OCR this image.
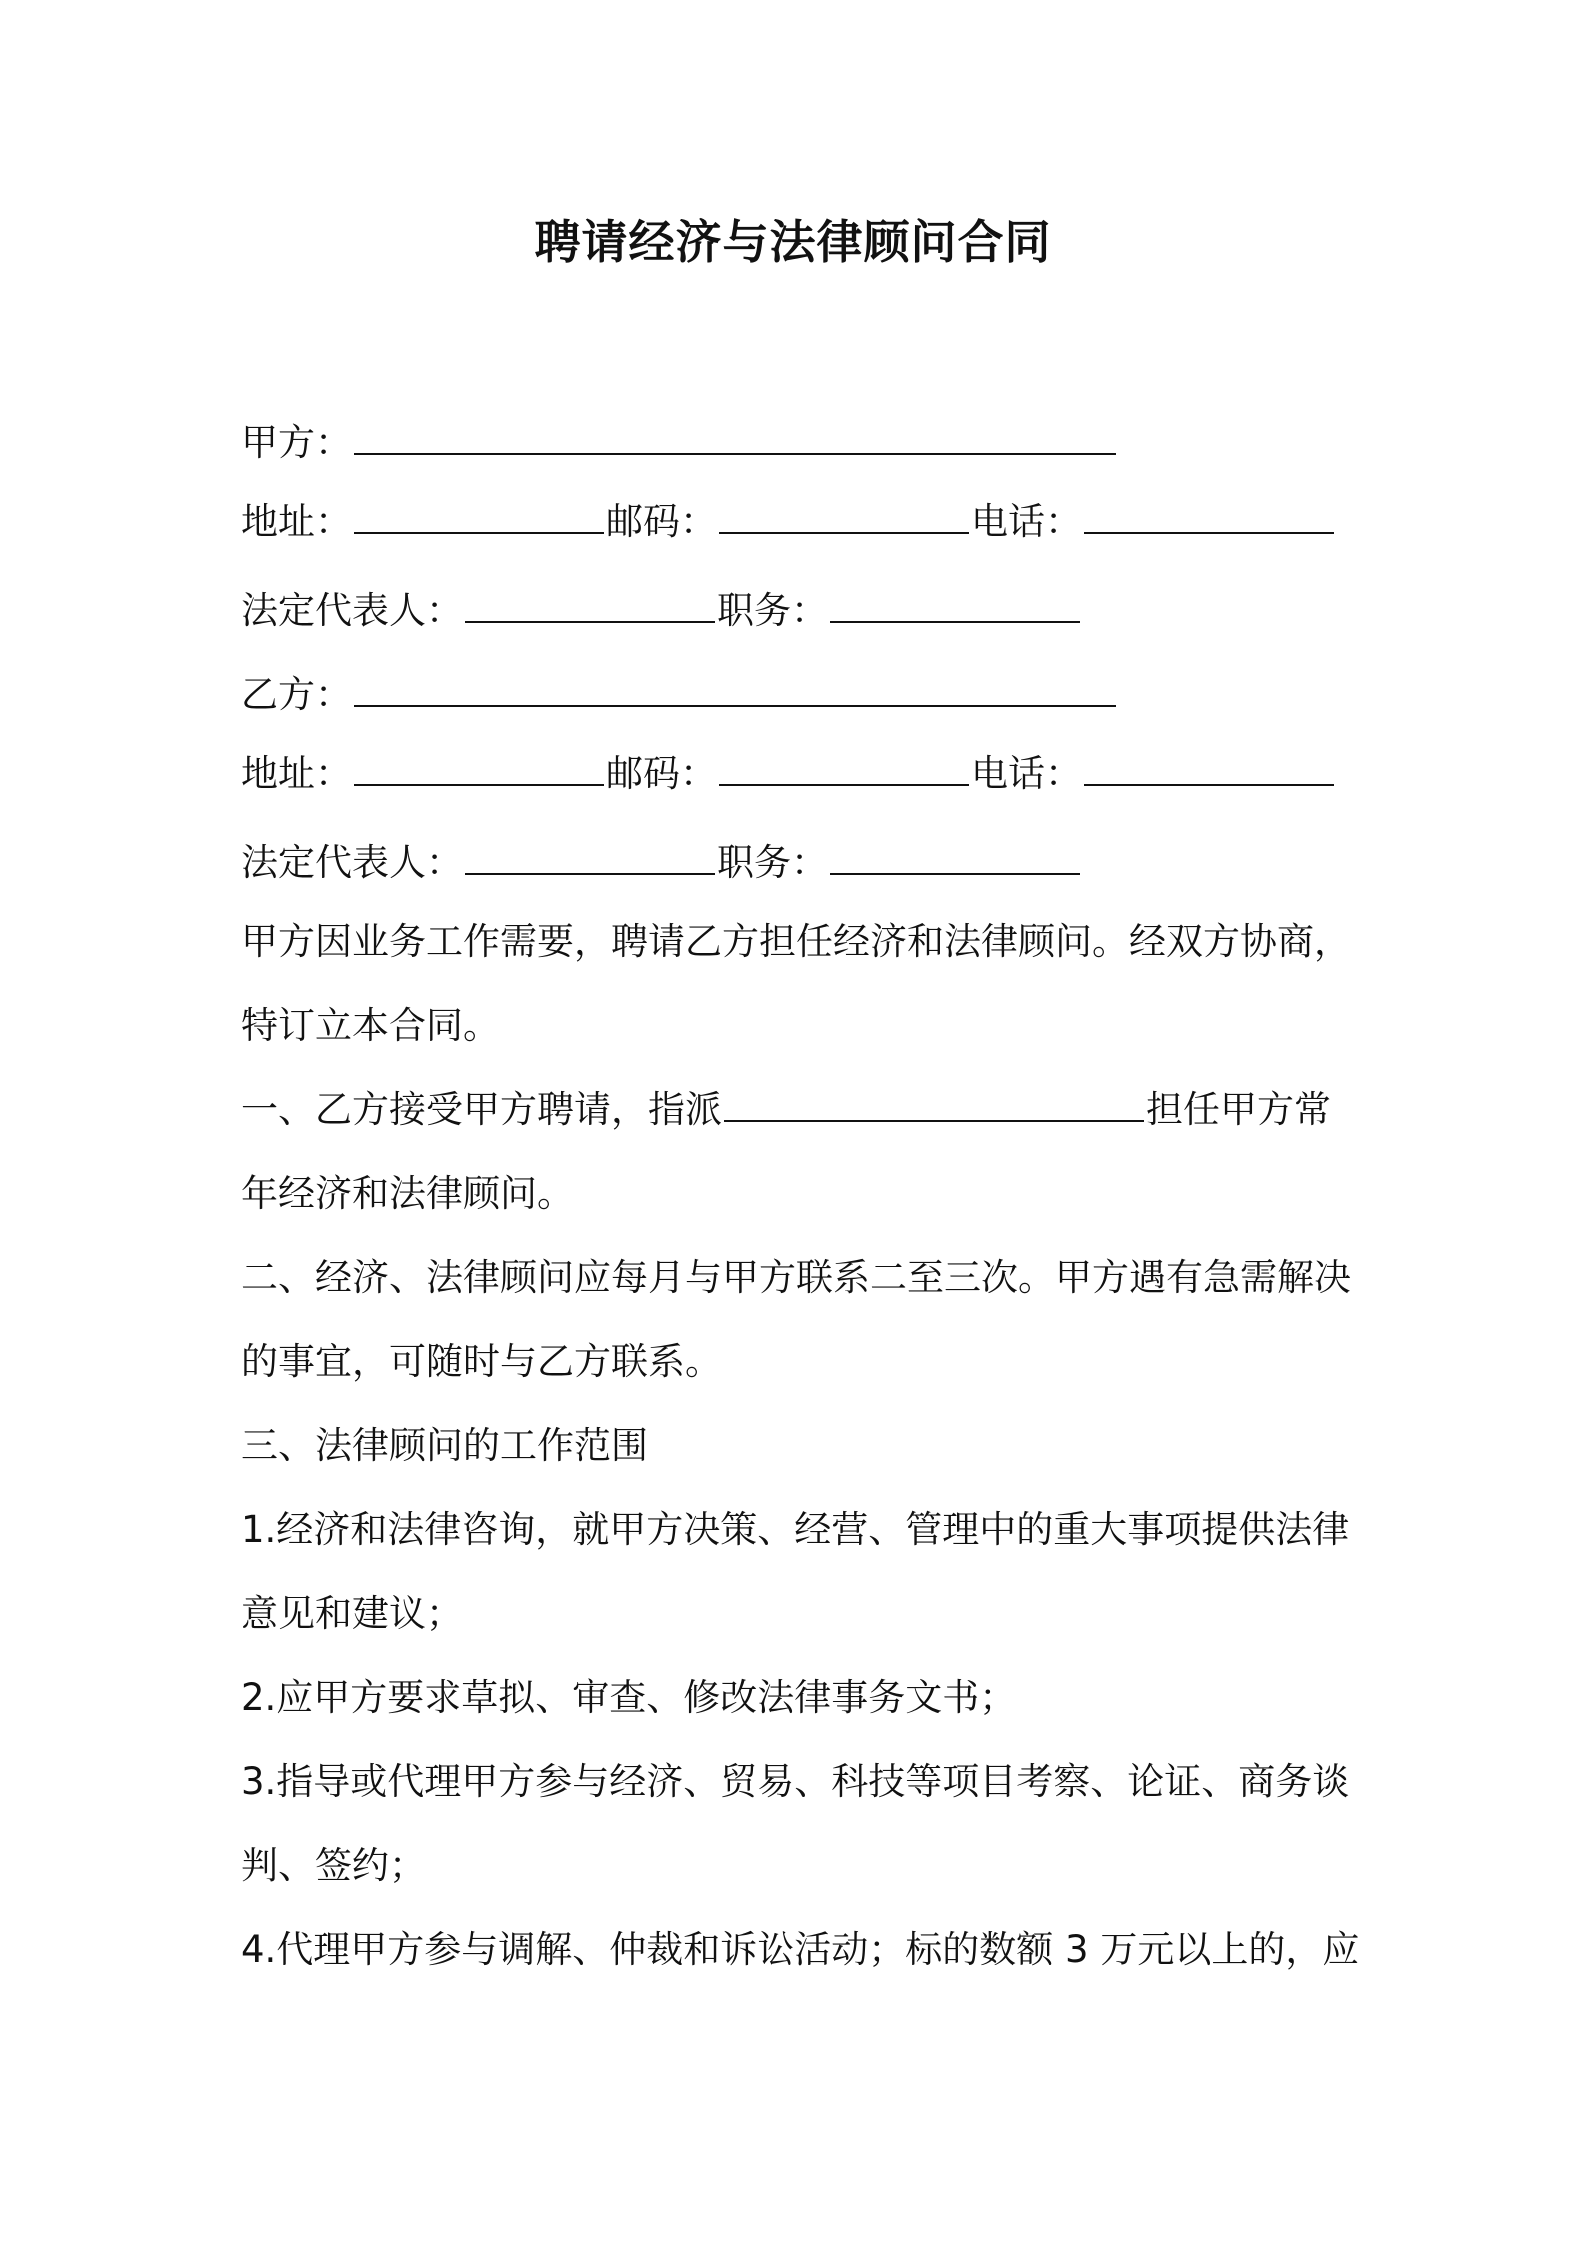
聘请经济与法律顾问合同
甲方：
地址：	邮码：	电话：
法定代表人：	职务：
乙方：
地址：	邮码：	电话：
法定代表人：	职务：
甲方因业务工作需要，聘请乙方担任经济和法律顾问。经双方协商，
特订立本合同。
一、乙方接受甲方聘请，指派	担任甲方常
年经济和法律顾问。
二、经济、法律顾问应每月与甲方联系二至三次。甲方遇有急需解决
的事宜，可随时与乙方联系。
三、法律顾问的工作范围
1.经济和法律咨询，就甲方决策、经营、管理中的重大事项提供法律
意见和建议；
2.应甲方要求草拟、审查、修改法律事务文书；
3.指导或代理甲方参与经济、贸易、科技等项目考察、论证、商务谈
判、签约；
4.代理甲方参与调解、仲裁和诉讼活动；标的数额 3 万元以上的，应
